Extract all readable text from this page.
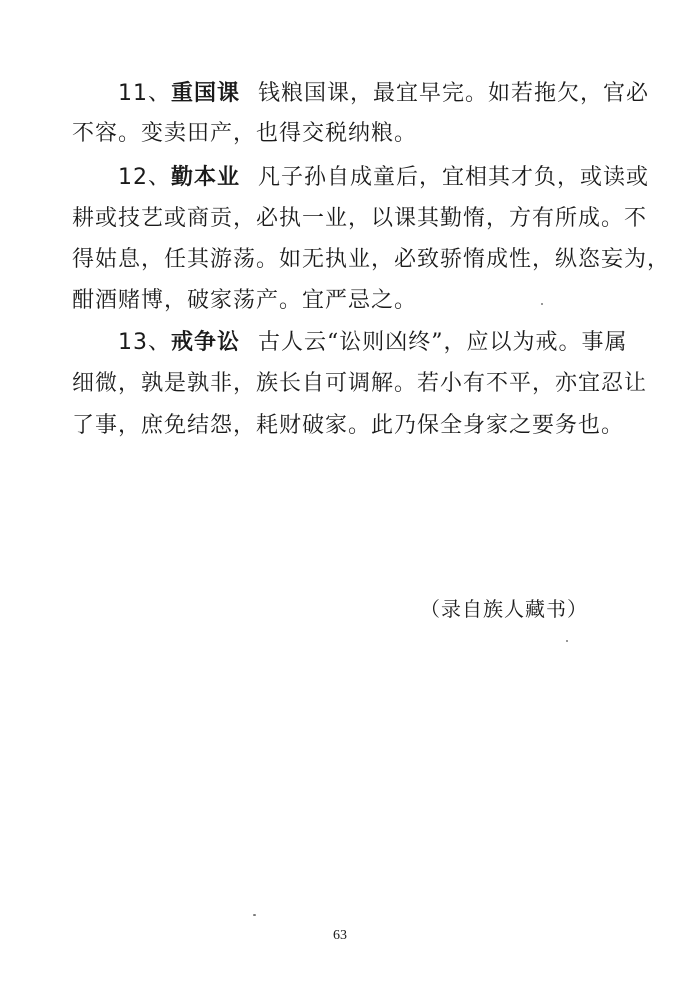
11、重国课 钱粮国课，最宜早完。如若拖欠，官必
不容。变卖田产，也得交税纳粮。
12、勤本业 凡子孙自成童后，宜相其才负，或读或
耕或技艺或商贡，必执一业，以课其勤惰，方有所成。不
得姑息，任其游荡。如无执业，必致骄惰成性，纵恣妄为，
酣酒赌博，破家荡产。宜严忌之。
13、戒争讼 古人云“讼则凶终”，应以为戒。事属
细微，孰是孰非，族长自可调解。若小有不平，亦宜忍让
了事，庶免结怨，耗财破家。此乃保全身家之要务也。
（录自族人藏书）
63
